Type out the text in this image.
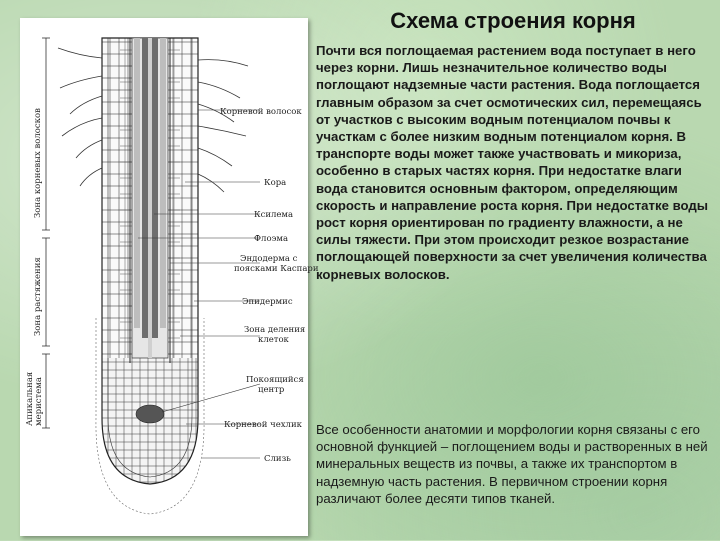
Схема строения корня
Зона корневых волосков
Зона растяжения
Апикальная меристема
Корневой волосок
Кора
Ксилема
Флоэма
Эндодерма с
поясками Каспари
Эпидермис
Зона деления
клеток
Покоящийся
центр
Корневой чехлик
Слизь

Почти вся поглощаемая растением вода поступает в него через корни. Лишь незначительное количество воды поглощают надземные части растения. Вода поглощается главным образом за счет осмотических сил, перемещаясь от участков с высоким водным потенциалом почвы к участкам с более низким водным потенциалом корня. В транспорте воды может также участвовать и микориза, особенно в старых частях корня. При недостатке влаги вода становится основным фактором, определяющим скорость и направление роста корня. При недостатке воды рост корня ориентирован по градиенту влажности, а не силы тяжести. При этом происходит резкое возрастание поглощающей поверхности за счет увеличения количества корневых волосков.

Все особенности анатомии и морфологии корня связаны с его основной функцией – поглощением воды и растворенных в ней минеральных веществ из почвы, а также их транспортом в надземную часть растения. В первичном строении корня различают более десяти типов тканей.
